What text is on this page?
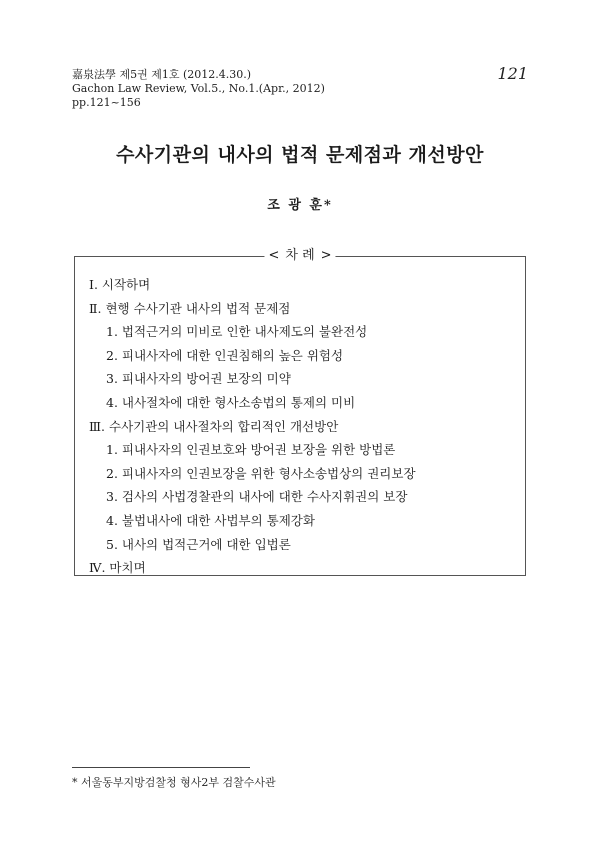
嘉泉法學 제5권 제1호 (2012.4.30.)
Gachon Law Review, Vol.5., No.1.(Apr., 2012)
pp.121~156
121
수사기관의 내사의 법적 문제점과 개선방안
조 광 훈*
< 차 례 >
Ⅰ. 시작하며
Ⅱ. 현행 수사기관 내사의 법적 문제점
1. 법적근거의 미비로 인한 내사제도의 불완전성
2. 피내사자에 대한 인권침해의 높은 위험성
3. 피내사자의 방어권 보장의 미약
4. 내사절차에 대한 형사소송법의 통제의 미비
Ⅲ. 수사기관의 내사절차의 합리적인 개선방안
1. 피내사자의 인권보호와 방어권 보장을 위한 방법론
2. 피내사자의 인권보장을 위한 형사소송법상의 권리보장
3. 검사의 사법경찰관의 내사에 대한 수사지휘권의 보장
4. 불법내사에 대한 사법부의 통제강화
5. 내사의 법적근거에 대한 입법론
Ⅳ. 마치며
* 서울동부지방검찰청 형사2부 검찰수사관
